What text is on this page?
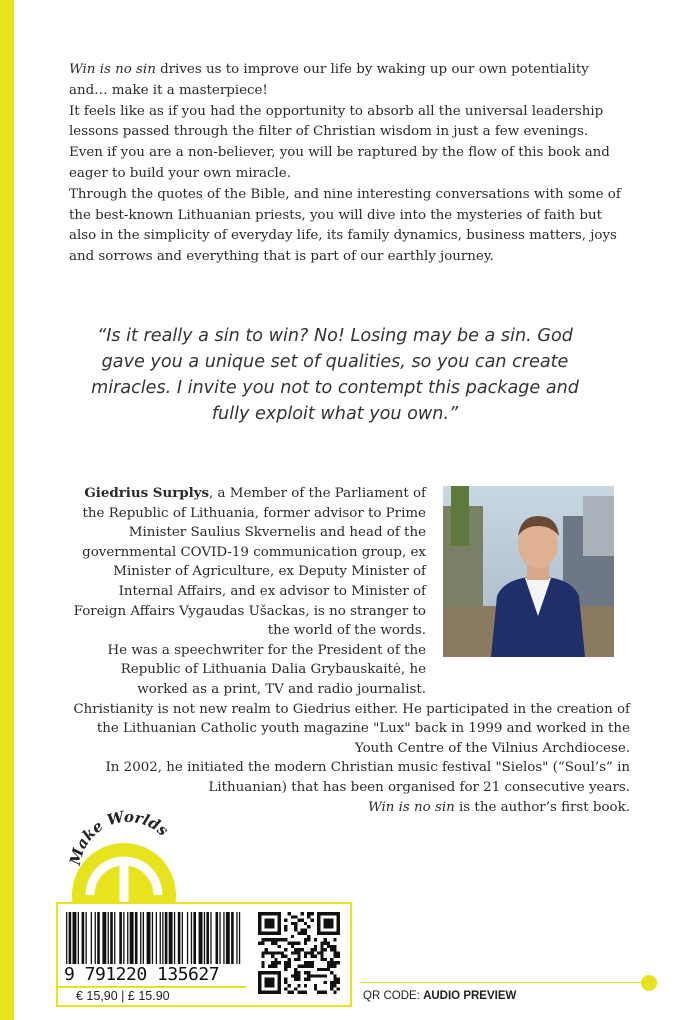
Win is no sin drives us to improve our life by waking up our own potentiality and… make it a masterpiece!

It feels like as if you had the opportunity to absorb all the universal leadership lessons passed through the filter of Christian wisdom in just a few evenings.

Even if you are a non-believer, you will be raptured by the flow of this book and eager to build your own miracle.

Through the quotes of the Bible, and nine interesting conversations with some of the best-known Lithuanian priests, you will dive into the mysteries of faith but also in the simplicity of everyday life, its family dynamics, business matters, joys and sorrows and everything that is part of our earthly journey.

“Is it really a sin to win? No! Losing may be a sin. God
gave you a unique set of qualities, so you can create
miracles. I invite you not to contempt this package and
fully exploit what you own.”

Giedrius Surplys, a Member of the Parliament of the Republic of Lithuania, former advisor to Prime Minister Saulius Skvernelis and head of the governmental COVID-19 communication group, ex Minister of Agriculture, ex Deputy Minister of Internal Affairs, and ex advisor to Minister of Foreign Affairs Vygaudas Ušackas, is no stranger to the world of the words.

He was a speechwriter for the President of the Republic of Lithuania Dalia Grybauskaitė, he worked as a print, TV and radio journalist.

Christianity is not new realm to Giedrius either. He participated in the creation of the Lithuanian Catholic youth magazine "Lux" back in 1999 and worked in the Youth Centre of the Vilnius Archdiocese.

In 2002, he initiated the modern Christian music festival "Sielos" (“Soul’s” in Lithuanian) that has been organised for 21 consecutive years.

Win is no sin is the author’s first book.

Make Worlds
9 791220 135627
€ 15,90 | £ 15.90	QR CODE: AUDIO PREVIEW
